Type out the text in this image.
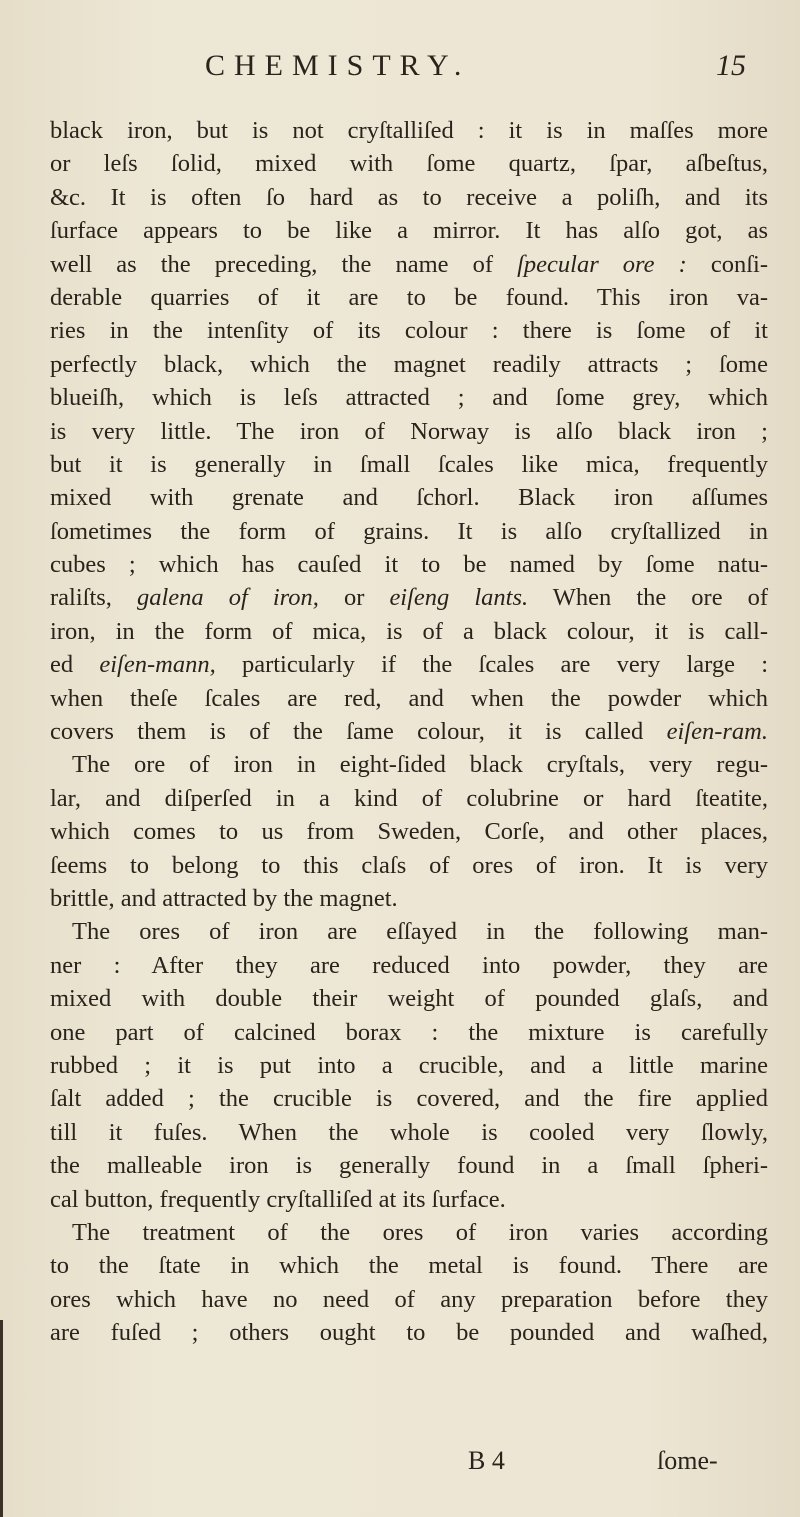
CHEMISTRY.	15
black iron, but is not cryſtalliſed : it is in maſſes more
or leſs ſolid, mixed with ſome quartz, ſpar, aſbeſtus,
&c. It is often ſo hard as to receive a poliſh, and its
ſurface appears to be like a mirror. It has alſo got, as
well as the preceding, the name of ſpecular ore : conſi-
derable quarries of it are to be found. This iron va-
ries in the intenſity of its colour : there is ſome of it
perfectly black, which the magnet readily attracts ; ſome
blueiſh, which is leſs attracted ; and ſome grey, which
is very little. The iron of Norway is alſo black iron ;
but it is generally in ſmall ſcales like mica, frequently
mixed with grenate and ſchorl. Black iron aſſumes
ſometimes the form of grains. It is alſo cryſtallized in
cubes ; which has cauſed it to be named by ſome natu-
raliſts, galena of iron, or eiſeng lants. When the ore of
iron, in the form of mica, is of a black colour, it is call-
ed eiſen-mann, particularly if the ſcales are very large :
when theſe ſcales are red, and when the powder which
covers them is of the ſame colour, it is called eiſen-ram.
The ore of iron in eight-ſided black cryſtals, very regu-
lar, and diſperſed in a kind of colubrine or hard ſteatite,
which comes to us from Sweden, Corſe, and other places,
ſeems to belong to this claſs of ores of iron. It is very
brittle, and attracted by the magnet.
The ores of iron are eſſayed in the following man-
ner : After they are reduced into powder, they are
mixed with double their weight of pounded glaſs, and
one part of calcined borax : the mixture is carefully
rubbed ; it is put into a crucible, and a little marine
ſalt added ; the crucible is covered, and the fire applied
till it fuſes. When the whole is cooled very ſlowly,
the malleable iron is generally found in a ſmall ſpheri-
cal button, frequently cryſtalliſed at its ſurface.
The treatment of the ores of iron varies according
to the ſtate in which the metal is found. There are
ores which have no need of any preparation before they
are fuſed ; others ought to be pounded and waſhed,
B 4	ſome-
